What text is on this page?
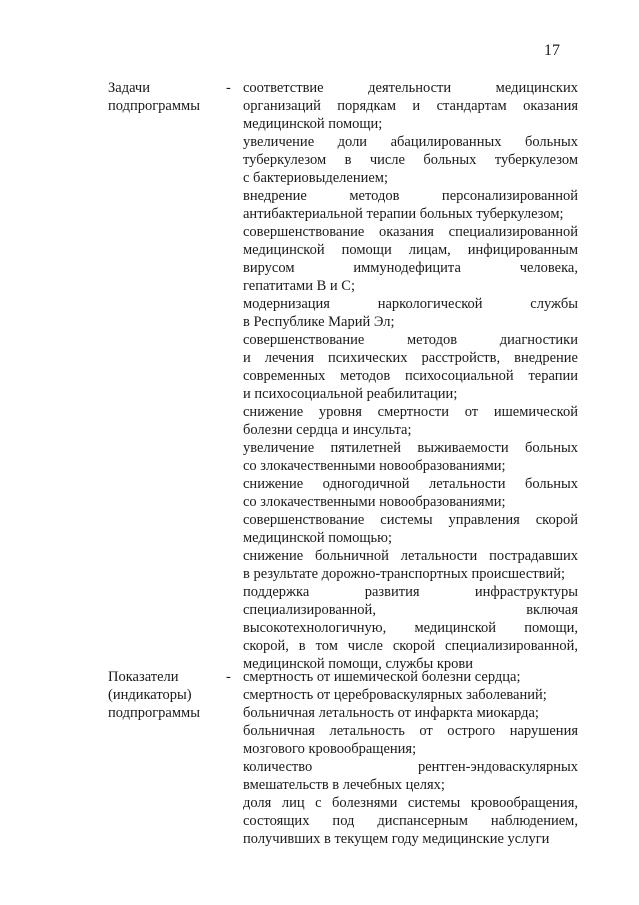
17
Задачи
подпрограммы
- соответствие деятельности медицинских
организаций порядкам и стандартам оказания
медицинской помощи;
увеличение доли абацилированных больных
туберкулезом в числе больных туберкулезом
с бактериовыделением;
внедрение методов персонализированной
антибактериальной терапии больных туберкулезом;
совершенствование оказания специализированной
медицинской помощи лицам, инфицированным
вирусом иммунодефицита человека,
гепатитами В и С;
модернизация наркологической службы
в Республике Марий Эл;
совершенствование методов диагностики
и лечения психических расстройств, внедрение
современных методов психосоциальной терапии
и психосоциальной реабилитации;
снижение уровня смертности от ишемической
болезни сердца и инсульта;
увеличение пятилетней выживаемости больных
со злокачественными новообразованиями;
снижение одногодичной летальности больных
со злокачественными новообразованиями;
совершенствование системы управления скорой
медицинской помощью;
снижение больничной летальности пострадавших
в результате дорожно-транспортных происшествий;
поддержка развития инфраструктуры
специализированной, включая
высокотехнологичную, медицинской помощи,
скорой, в том числе скорой специализированной,
медицинской помощи, службы крови
Показатели
(индикаторы)
подпрограммы
- смертность от ишемической болезни сердца;
смертность от цереброваскулярных заболеваний;
больничная летальность от инфаркта миокарда;
больничная летальность от острого нарушения
мозгового кровообращения;
количество рентген-эндоваскулярных
вмешательств в лечебных целях;
доля лиц с болезнями системы кровообращения,
состоящих под диспансерным наблюдением,
получивших в текущем году медицинские услуги
